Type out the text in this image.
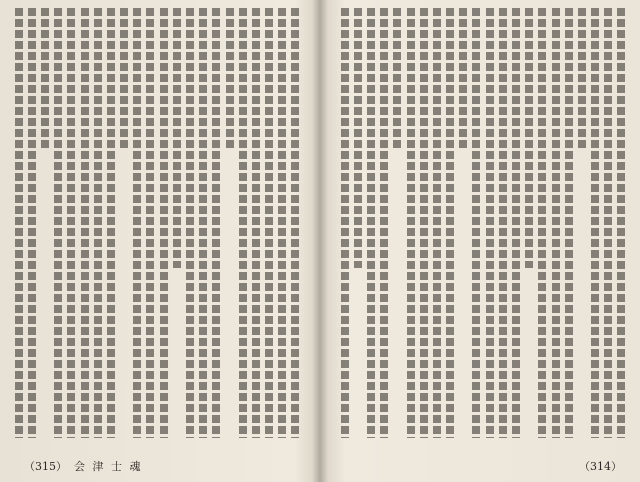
（315） 会 津 士 魂	（314）
